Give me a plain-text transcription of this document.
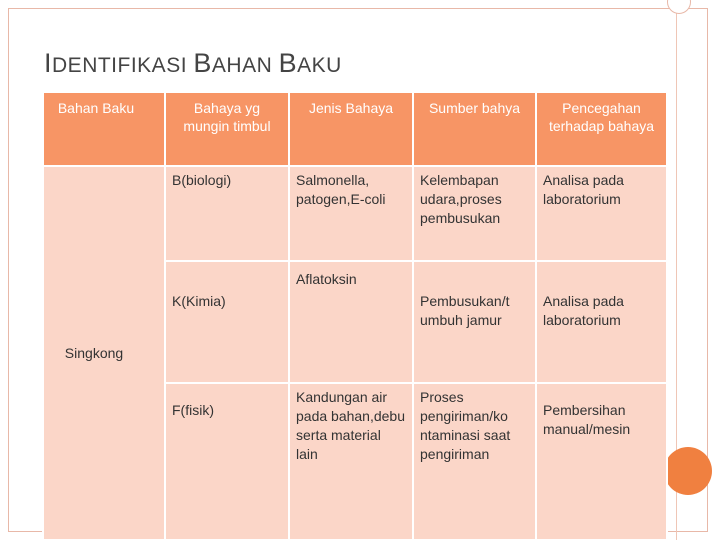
IDENTIFIKASI BAHAN BAKU
Bahan Baku	Bahaya yg mungin timbul	Jenis Bahaya	Sumber bahya	Pencegahan terhadap bahaya
Singkong	B(biologi)	Salmonella, patogen,E-coli	Kelembapan udara,proses pembusukan	Analisa pada laboratorium

	K(Kimia)	Aflatoksin	Pembusukan/t umbuh jamur	Analisa pada laboratorium
	F(fisik)	Kandungan air pada bahan,debu serta material lain	Proses pengiriman/ko ntaminasi saat pengiriman	Pembersihan manual/mesin
